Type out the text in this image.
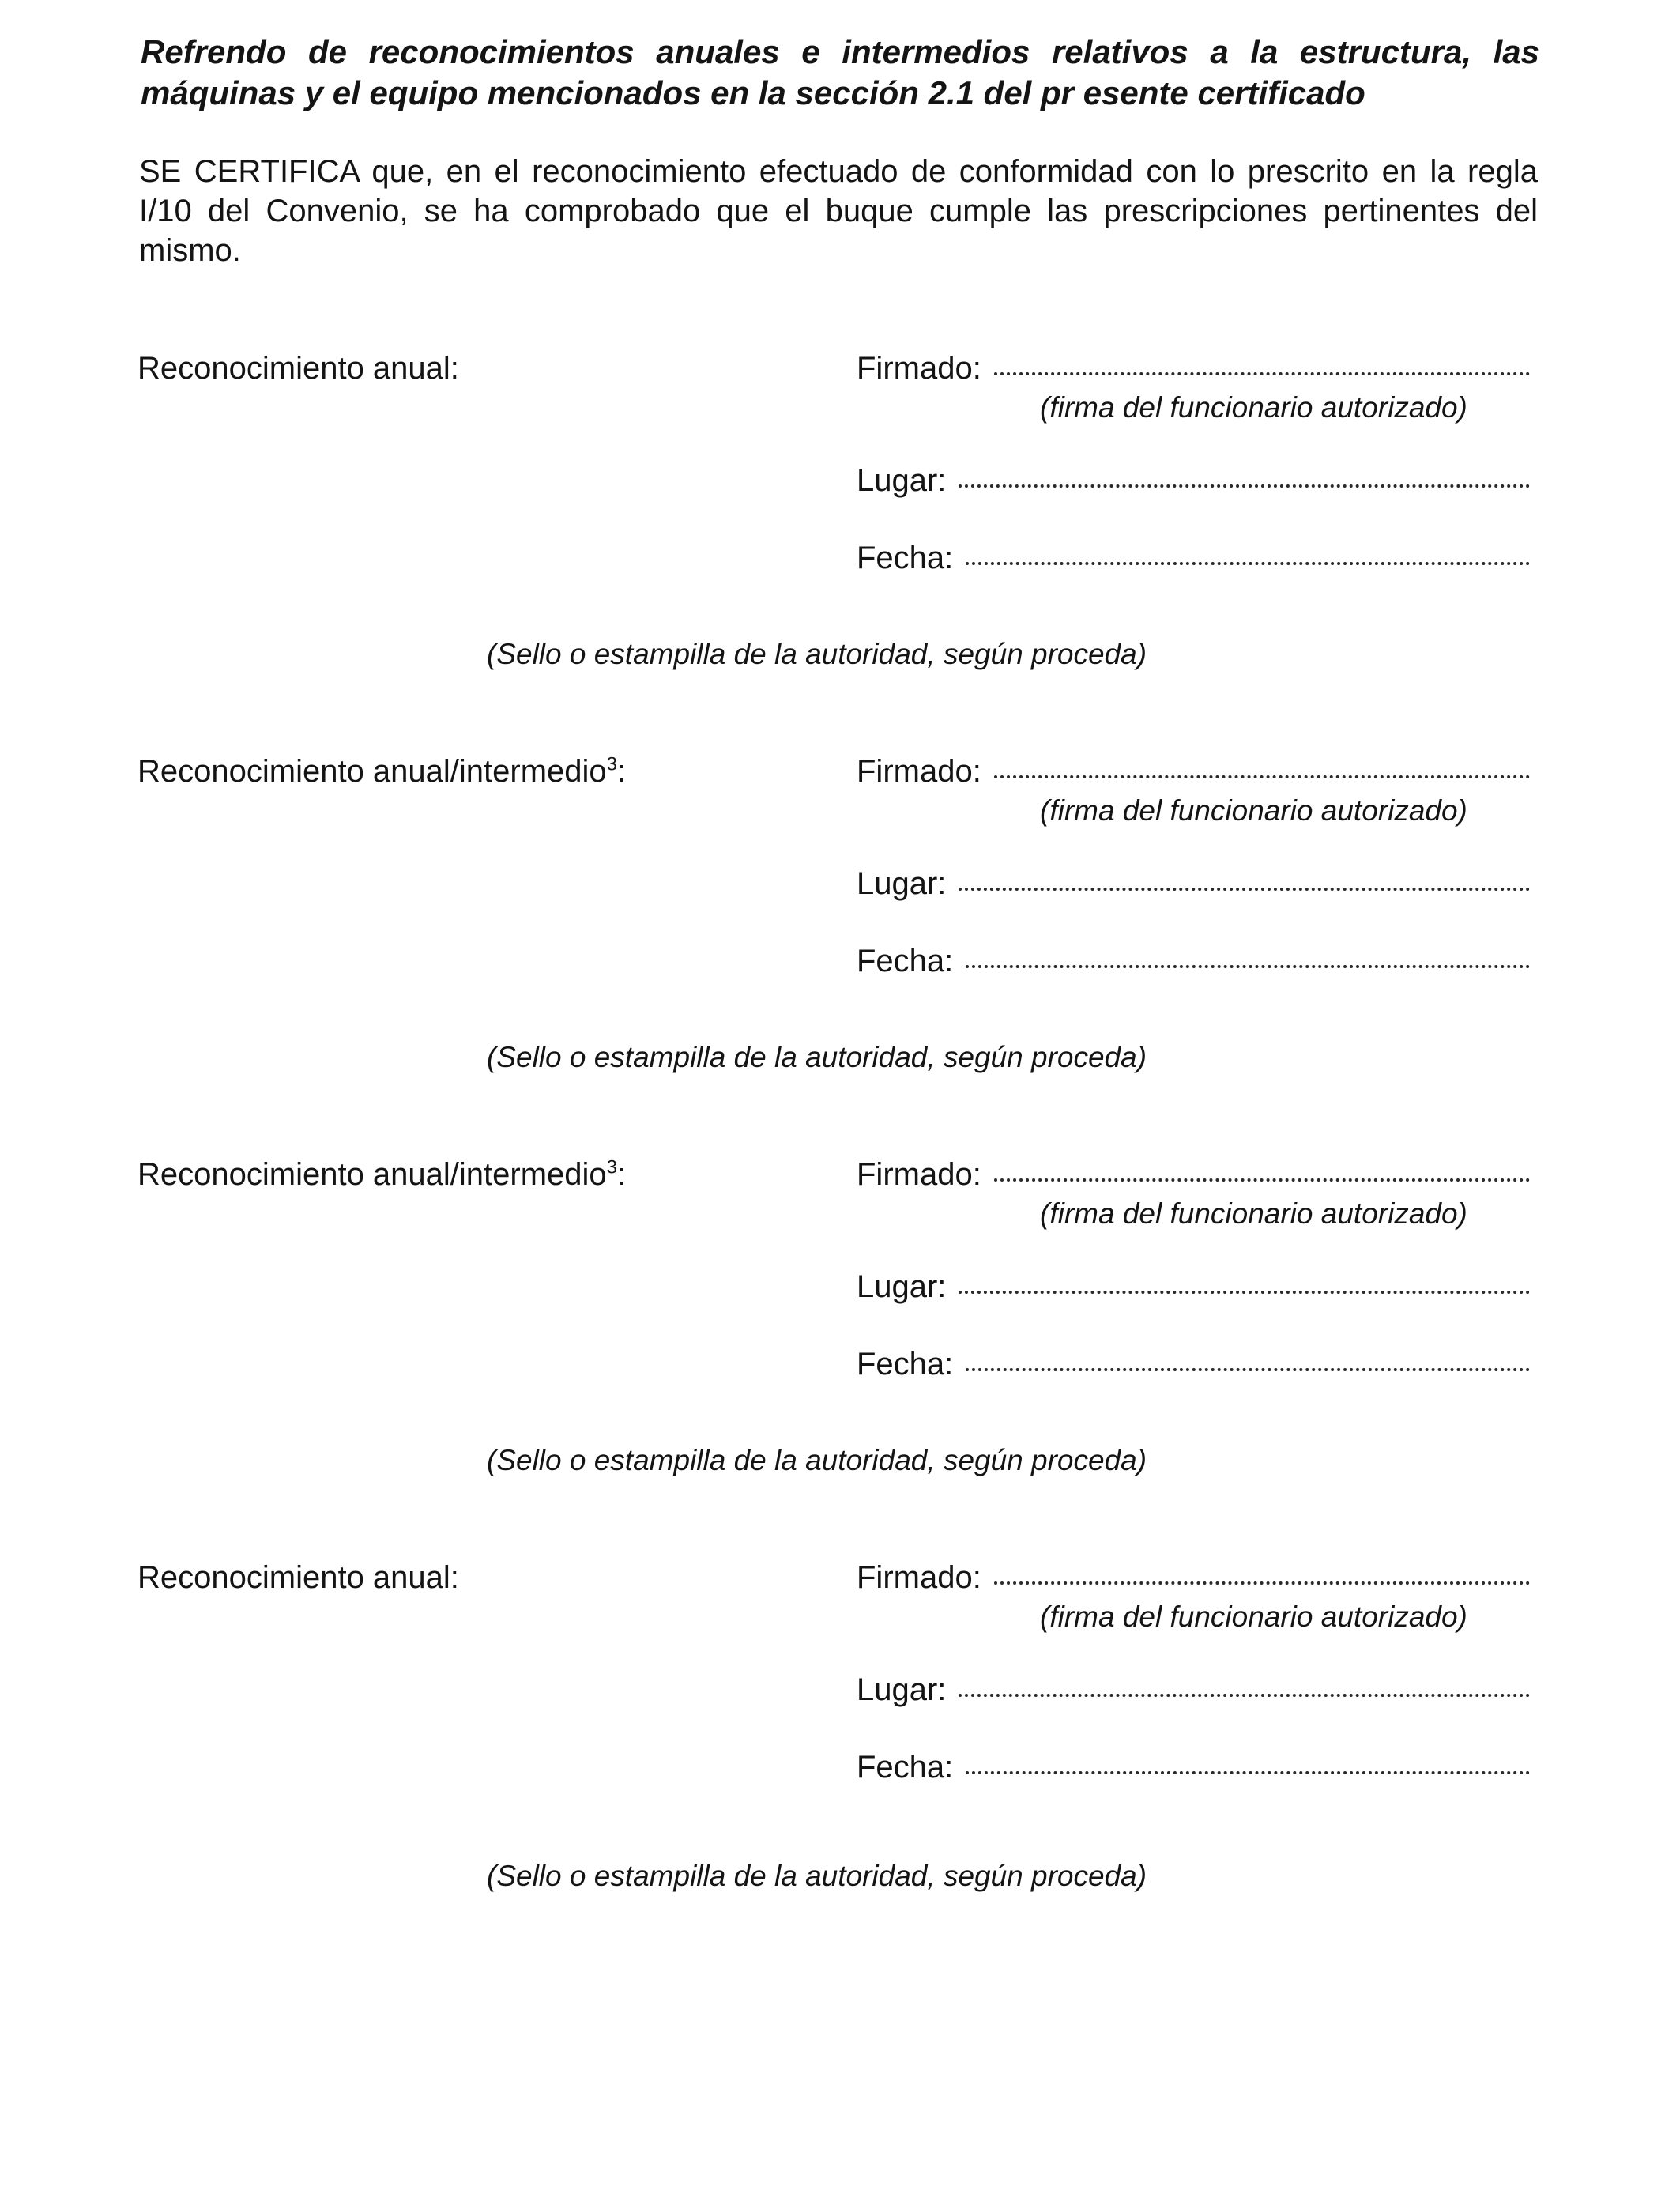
Refrendo de reconocimientos anuales e intermedios relativos a la estructura, las máquinas y el equipo mencionados en la sección 2.1 del pr esente certificado

SE CERTIFICA que, en el reconocimiento efectuado de conformidad con lo prescrito en la regla I/10 del Convenio, se ha comprobado que el buque cumple las prescripciones pertinentes del mismo.

Reconocimiento anual:	Firmado:
(firma del funcionario autorizado)
Lugar:
Fecha:
(Sello o estampilla de la autoridad, según proceda)
Reconocimiento anual/intermedio$^3$:	Firmado:
(firma del funcionario autorizado)
Lugar:
Fecha:
(Sello o estampilla de la autoridad, según proceda)
Reconocimiento anual/intermedio$^3$:	Firmado:
(firma del funcionario autorizado)
Lugar:
Fecha:
(Sello o estampilla de la autoridad, según proceda)
Reconocimiento anual:	Firmado:
(firma del funcionario autorizado)
Lugar:
Fecha:
(Sello o estampilla de la autoridad, según proceda)
